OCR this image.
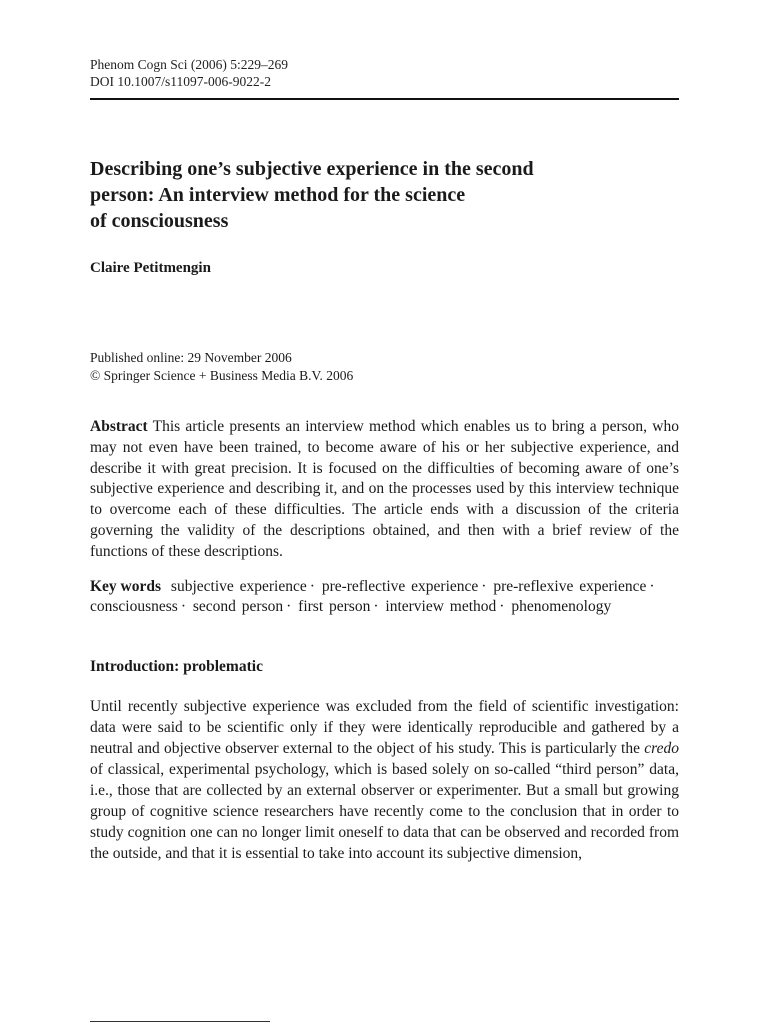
Phenom Cogn Sci (2006) 5:229–269
DOI 10.1007/s11097-006-9022-2
Describing one’s subjective experience in the second
person: An interview method for the science
of consciousness
Claire Petitmengin
Published online: 29 November 2006
© Springer Science + Business Media B.V. 2006
Abstract This article presents an interview method which enables us to bring a person, who may not even have been trained, to become aware of his or her subjective experience, and describe it with great precision. It is focused on the difficulties of becoming aware of one’s subjective experience and describing it, and on the processes used by this interview technique to overcome each of these difficulties. The article ends with a discussion of the criteria governing the validity of the descriptions obtained, and then with a brief review of the functions of these descriptions.
Key words subjective experience · pre-reflective experience · pre-reflexive experience · consciousness · second person · first person · interview method · phenomenology
Introduction: problematic
Until recently subjective experience was excluded from the field of scientific investigation: data were said to be scientific only if they were identically reproducible and gathered by a neutral and objective observer external to the object of his study. This is particularly the credo of classical, experimental psychology, which is based solely on so-called “third person” data, i.e., those that are collected by an external observer or experimenter. But a small but growing group of cognitive science researchers have recently come to the conclusion that in order to study cognition one can no longer limit oneself to data that can be observed and recorded from the outside, and that it is essential to take into account its subjective dimension,
